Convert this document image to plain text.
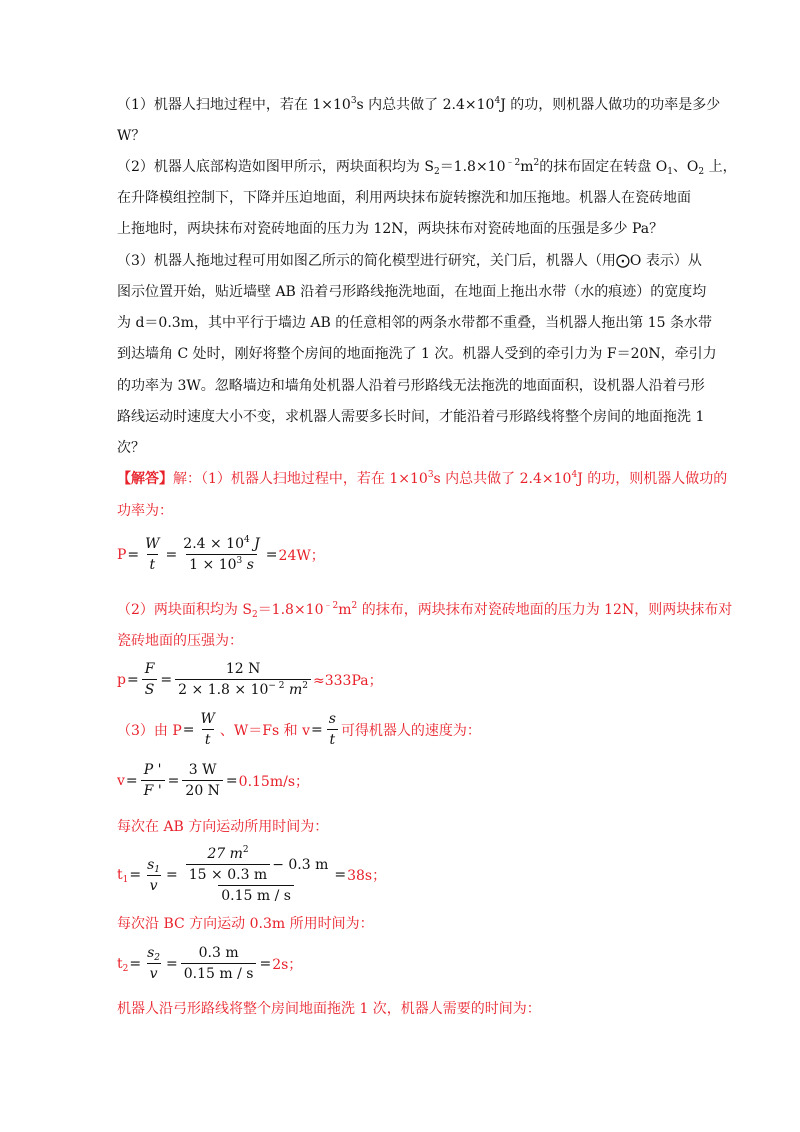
（1）机器人扫地过程中，若在 $1\times 10^3s$ 内总共做了 $2.4\times 10^4J$ 的功，则机器人做功的功率是多少
W？
（2）机器人底部构造如图甲所示，两块面积均为 $S_2=1.8\times 10^{﹣2}m^2$的抹布固定在转盘 $O_1$、$O_2$ 上，
在升降模组控制下，下降并压迫地面，利用两块抹布旋转擦洗和加压拖地。机器人在瓷砖地面
上拖地时，两块抹布对瓷砖地面的压力为 12N，两块抹布对瓷砖地面的压强是多少 Pa？
（3）机器人拖地过程可用如图乙所示的简化模型进行研究，关门后，机器人（用⨀O 表示）从
图示位置开始，贴近墙壁 AB 沿着弓形路线拖洗地面，在地面上拖出水带（水的痕迹）的宽度均
为 d＝0.3m，其中平行于墙边 AB 的任意相邻的两条水带都不重叠，当机器人拖出第 15 条水带
到达墙角 C 处时，刚好将整个房间的地面拖洗了 1 次。机器人受到的牵引力为 F＝20N，牵引力
的功率为 3W。忽略墙边和墙角处机器人沿着弓形路线无法拖洗的地面面积，设机器人沿着弓形
路线运动时速度大小不变，求机器人需要多长时间，才能沿着弓形路线将整个房间的地面拖洗 1
次？
【解答】解：（1）机器人扫地过程中，若在 $1\times 10^3s$ 内总共做了 $2.4\times 10^4J$ 的功，则机器人做功的
功率为：
$P = \frac{W}{t} = \frac{2.4 \times 10^4 J}{1 \times 10^3 s} = 24W$；
（2）两块面积均为 $S_2=1.8\times 10^{﹣2}m^2$ 的抹布，两块抹布对瓷砖地面的压力为 12N，则两块抹布对
瓷砖地面的压强为：
$p = \frac{F}{S} = \frac{12 N}{2 \times 1.8 \times 10^{- 2} m^2} \approx 333Pa$；
（3）由 $P = \frac{W}{t}$ 、W＝Fs 和 $v = \frac{s}{t}$ 可得机器人的速度为：
$v = \frac{P '}{F '} = \frac{3 W}{20 N} = 0.15m/s$；
每次在 AB 方向运动所用时间为：
$t_1 = \frac{s_1}{v} = \frac{\frac{27 m^2}{15 \times 0.3 m} - 0.3 m}{0.15 m / s} = 38s$；
每次沿 BC 方向运动 0.3m 所用时间为：
$t_2 = \frac{s_2}{v} = \frac{0.3 m}{0.15 m / s} = 2s$；
机器人沿弓形路线将整个房间地面拖洗 1 次，机器人需要的时间为：
